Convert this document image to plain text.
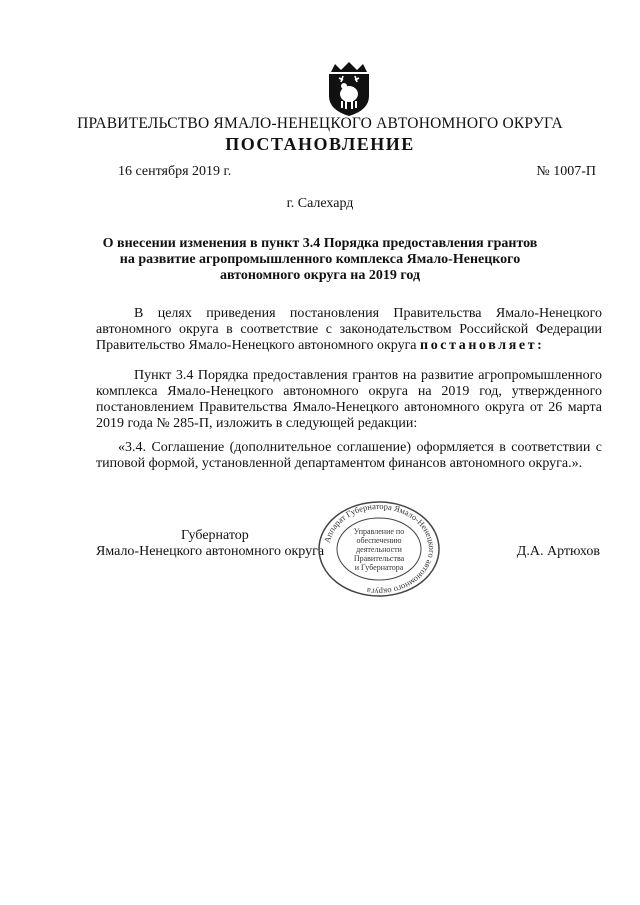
ПРАВИТЕЛЬСТВО ЯМАЛО-НЕНЕЦКОГО АВТОНОМНОГО ОКРУГА
ПОСТАНОВЛЕНИЕ
16 сентября 2019 г.	№ 1007-П
г. Салехард
О внесении изменения в пункт 3.4 Порядка предоставления грантов
на развитие агропромышленного комплекса Ямало-Ненецкого
автономного округа на 2019 год
В целях приведения постановления Правительства Ямало-Ненецкого автономного округа в соответствие с законодательством Российской Федерации Правительство Ямало-Ненецкого автономного округа постановляет:
Пункт 3.4 Порядка предоставления грантов на развитие агропромышленного комплекса Ямало-Ненецкого автономного округа на 2019 год, утвержденного постановлением Правительства Ямало-Ненецкого автономного округа от 26 марта 2019 года № 285-П, изложить в следующей редакции:
«3.4. Соглашение (дополнительное соглашение) оформляется в соответствии с типовой формой, установленной департаментом финансов автономного округа.».
Губернатор
Ямало-Ненецкого автономного округа	Д.А. Артюхов
Аппарат Губернатора Ямало-Ненецкого автономного округа
Управление по
обеспечению
деятельности
Правительства
и Губернатора
